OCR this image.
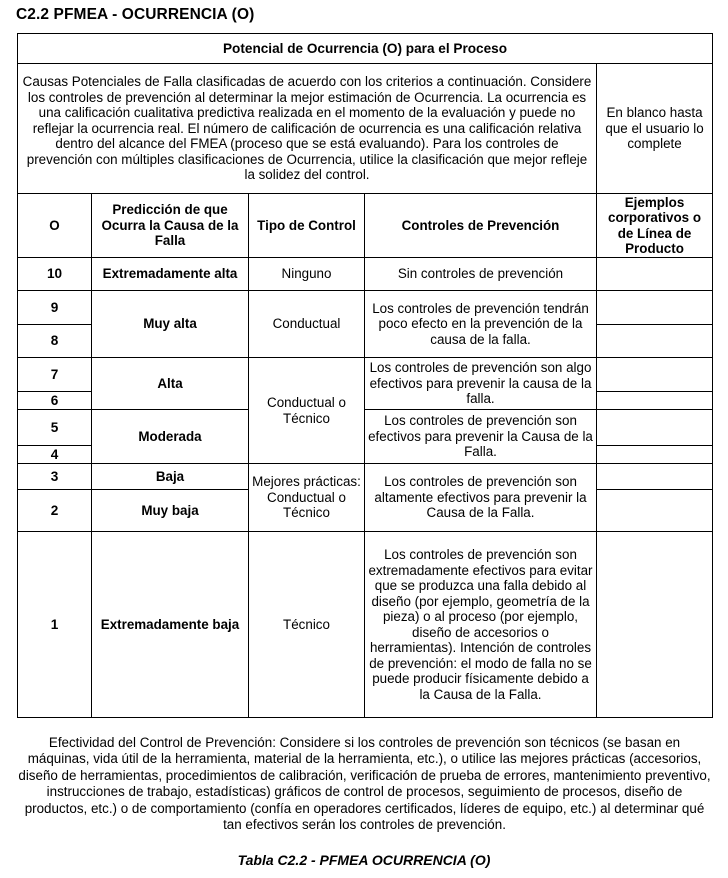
C2.2 PFMEA - OCURRENCIA (O)
Potencial de Ocurrencia (O) para el Proceso				
Causas Potenciales de Falla clasificadas de acuerdo con los criterios a continuación. Considere los controles de prevención al determinar la mejor estimación de Ocurrencia. La ocurrencia es una calificación cualitativa predictiva realizada en el momento de la evaluación y puede no reflejar la ocurrencia real. El número de calificación de ocurrencia es una calificación relativa dentro del alcance del FMEA (proceso que se está evaluando). Para los controles de prevención con múltiples clasificaciones de Ocurrencia, utilice la clasificación que mejor refleje la solidez del control.				En blanco hasta que el usuario lo complete
O	Predicción de que Ocurra la Causa de la Falla	Tipo de Control	Controles de Prevención	Ejemplos corporativos o de Línea de Producto
10	Extremadamente alta	Ninguno	Sin controles de prevención	
9	Muy alta	Conductual	Los controles de prevención tendrán poco efecto en la prevención de la causa de la falla.	
8				
7	Alta	Conductual o Técnico	Los controles de prevención son algo efectivos para prevenir la causa de la falla.	
6				
5	Moderada		Los controles de prevención son efectivos para prevenir la Causa de la Falla.	
4				
3	Baja	Mejores prácticas: Conductual o Técnico	Los controles de prevención son altamente efectivos para prevenir la Causa de la Falla.	
2	Muy baja			
1	Extremadamente baja	Técnico	Los controles de prevención son extremadamente efectivos para evitar que se produzca una falla debido al diseño (por ejemplo, geometría de la pieza) o al proceso (por ejemplo, diseño de accesorios o herramientas). Intención de controles de prevención: el modo de falla no se puede producir físicamente debido a la Causa de la Falla.	
Efectividad del Control de Prevención: Considere si los controles de prevención son técnicos (se basan en máquinas, vida útil de la herramienta, material de la herramienta, etc.), o utilice las mejores prácticas (accesorios, diseño de herramientas, procedimientos de calibración, verificación de prueba de errores, mantenimiento preventivo, instrucciones de trabajo, estadísticas) gráficos de control de procesos, seguimiento de procesos, diseño de productos, etc.) o de comportamiento (confía en operadores certificados, líderes de equipo, etc.) al determinar qué tan efectivos serán los controles de prevención.
Tabla C2.2 - PFMEA OCURRENCIA (O)
